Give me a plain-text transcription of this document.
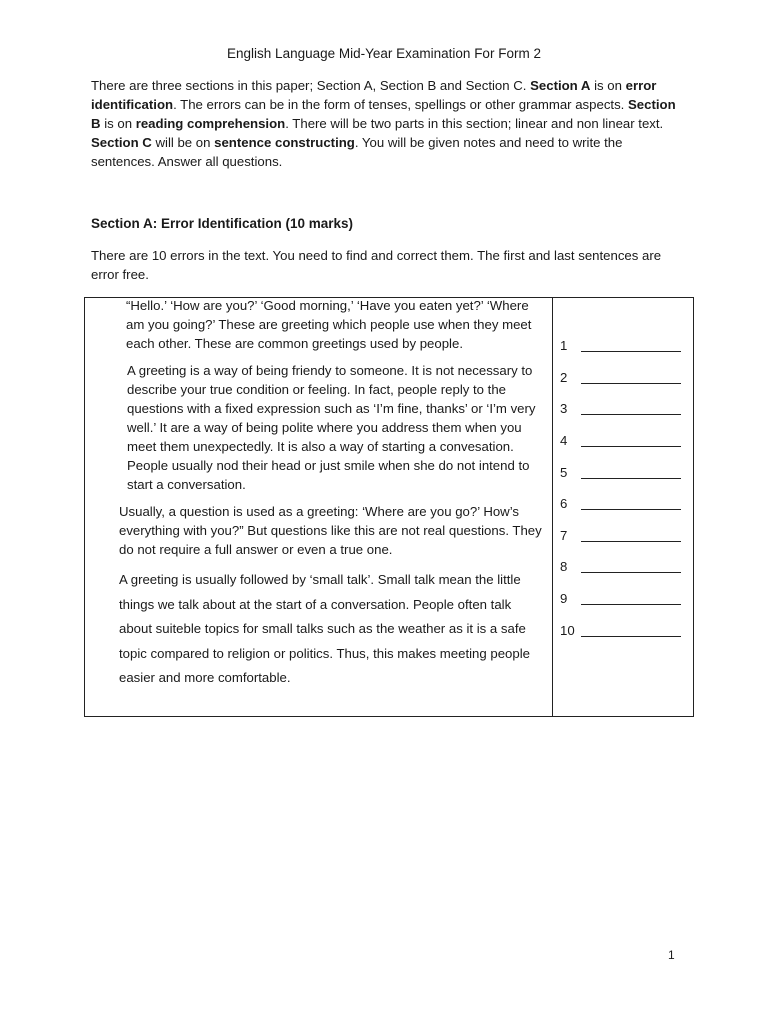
English Language Mid-Year Examination For Form 2

There are three sections in this paper; Section A, Section B and Section C. Section A is on error identification. The errors can be in the form of tenses, spellings or other grammar aspects. Section B is on reading comprehension. There will be two parts in this section; linear and non linear text. Section C will be on sentence constructing. You will be given notes and need to write the sentences. Answer all questions.

Section A: Error Identification (10 marks)

There are 10 errors in the text. You need to find and correct them. The first and last sentences are error free.

“Hello.’ ‘How are you?’ ‘Good morning,’ ‘Have you eaten yet?’ ‘Where am you going?’ These are greeting which people use when they meet each other. These are common greetings used by people.

A greeting is a way of being friendy to someone. It is not necessary to describe your true condition or feeling. In fact, people reply to the questions with a fixed expression such as ‘I’m fine, thanks’ or ‘I’m very well.’ It are a way of being polite where you address them when you meet them unexpectedly. It is also a way of starting a convesation. People usually nod their head or just smile when she do not intend to start a conversation.

Usually, a question is used as a greeting: ‘Where are you go?’ How’s everything with you?” But questions like this are not real questions. They do not require a full answer or even a true one.

A greeting is usually followed by ‘small talk’. Small talk mean the little things we talk about at the start of a conversation. People often talk about suiteble topics for small talks such as the weather as it is a safe topic compared to religion or politics. Thus, this makes meeting people easier and more comfortable.

1
2
3
4
5
6
7
8
9
10
1
